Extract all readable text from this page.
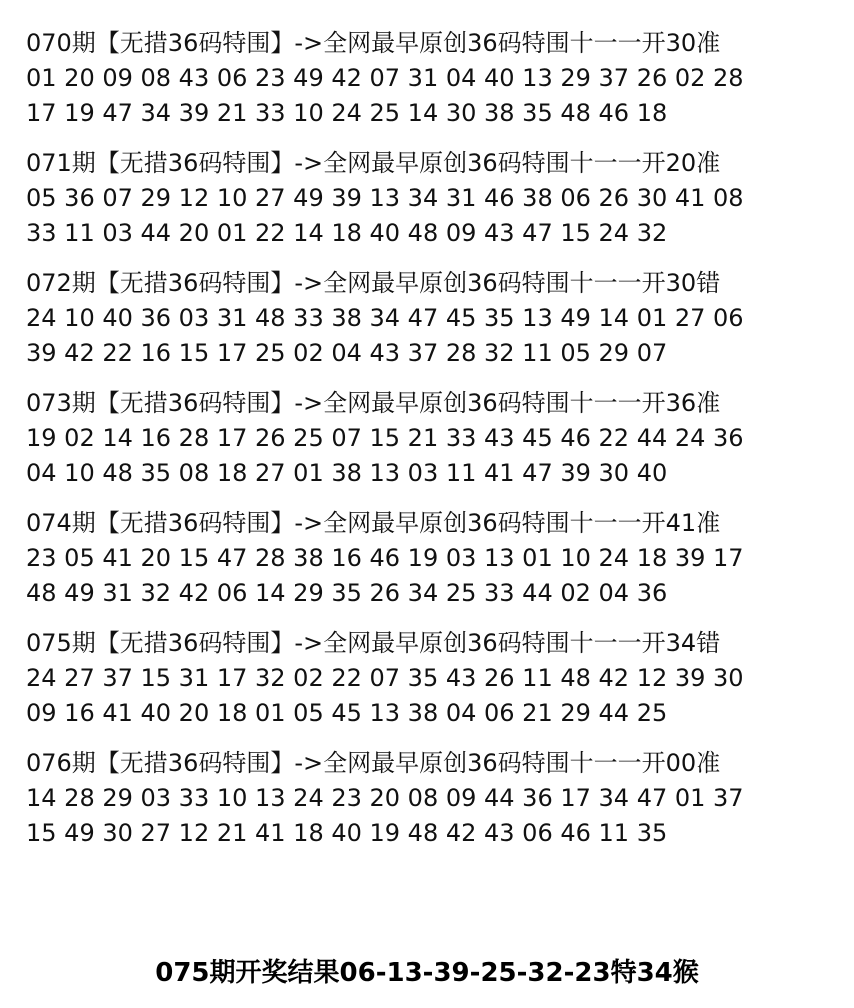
070期【无措36码特围】->全网最早原创36码特围十一一开30准
01 20 09 08 43 06 23 49 42 07 31 04 40 13 29 37 26 02 28
17 19 47 34 39 21 33 10 24 25 14 30 38 35 48 46 18
071期【无措36码特围】->全网最早原创36码特围十一一开20准
05 36 07 29 12 10 27 49 39 13 34 31 46 38 06 26 30 41 08
33 11 03 44 20 01 22 14 18 40 48 09 43 47 15 24 32
072期【无措36码特围】->全网最早原创36码特围十一一开30错
24 10 40 36 03 31 48 33 38 34 47 45 35 13 49 14 01 27 06
39 42 22 16 15 17 25 02 04 43 37 28 32 11 05 29 07
073期【无措36码特围】->全网最早原创36码特围十一一开36准
19 02 14 16 28 17 26 25 07 15 21 33 43 45 46 22 44 24 36
04 10 48 35 08 18 27 01 38 13 03 11 41 47 39 30 40
074期【无措36码特围】->全网最早原创36码特围十一一开41准
23 05 41 20 15 47 28 38 16 46 19 03 13 01 10 24 18 39 17
48 49 31 32 42 06 14 29 35 26 34 25 33 44 02 04 36
075期【无措36码特围】->全网最早原创36码特围十一一开34错
24 27 37 15 31 17 32 02 22 07 35 43 26 11 48 42 12 39 30
09 16 41 40 20 18 01 05 45 13 38 04 06 21 29 44 25
076期【无措36码特围】->全网最早原创36码特围十一一开00准
14 28 29 03 33 10 13 24 23 20 08 09 44 36 17 34 47 01 37
15 49 30 27 12 21 41 18 40 19 48 42 43 06 46 11 35
075期开奖结果06-13-39-25-32-23特34猴
